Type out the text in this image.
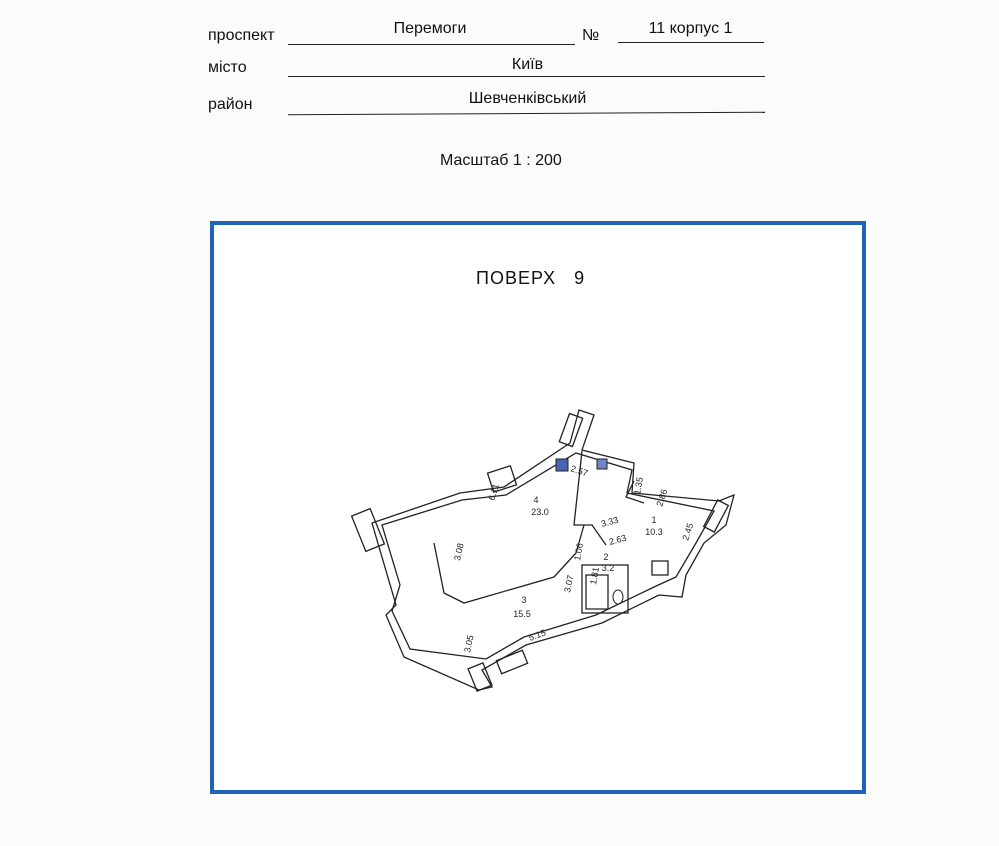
проспект	Перемоги	№	11 корпус 1
місто	Київ
район	Шевченківський
Масштаб 1 : 200
ПОВЕРХ 9
4
23.0
1
10.3
2
3.2
3
15.5
2.57
6.11
3.08
3.33
1.35
2.86
2.45
2.63
1.06
1.81
3.07
3.05	5.15
